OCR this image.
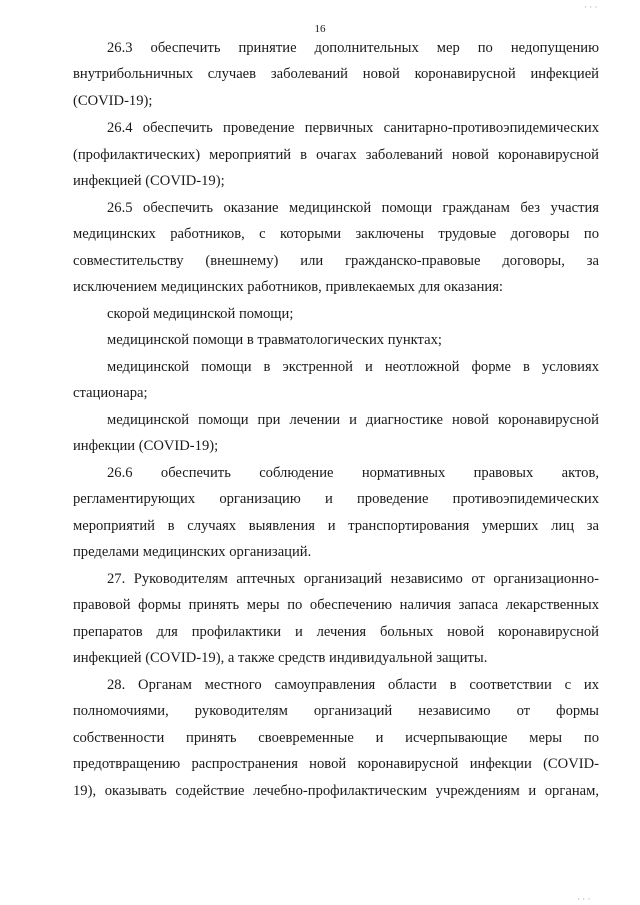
· · ·
16
26.3 обеспечить принятие дополнительных мер по недопущению
внутрибольничных случаев заболеваний новой коронавирусной инфекцией
(COVID-19);
26.4 обеспечить проведение первичных санитарно-противоэпидемических
(профилактических) мероприятий в очагах заболеваний новой коронавирусной
инфекцией (COVID-19);
26.5 обеспечить оказание медицинской помощи гражданам без участия
медицинских работников, с которыми заключены трудовые договоры по
совместительству (внешнему) или гражданско-правовые договоры, за
исключением медицинских работников, привлекаемых для оказания:
скорой медицинской помощи;
медицинской помощи в травматологических пунктах;
медицинской помощи в экстренной и неотложной форме в условиях
стационара;
медицинской помощи при лечении и диагностике новой коронавирусной
инфекции (COVID-19);
26.6 обеспечить соблюдение нормативных правовых актов,
регламентирующих организацию и проведение противоэпидемических
мероприятий в случаях выявления и транспортирования умерших лиц за
пределами медицинских организаций.
27. Руководителям аптечных организаций независимо от организационно-
правовой формы принять меры по обеспечению наличия запаса лекарственных
препаратов для профилактики и лечения больных новой коронавирусной
инфекцией (COVID-19), а также средств индивидуальной защиты.
28. Органам местного самоуправления области в соответствии с их
полномочиями, руководителям организаций независимо от формы
собственности принять своевременные и исчерпывающие меры по
предотвращению распространения новой коронавирусной инфекции (COVID-
19), оказывать содействие лечебно-профилактическим учреждениям и органам,
· · ·
